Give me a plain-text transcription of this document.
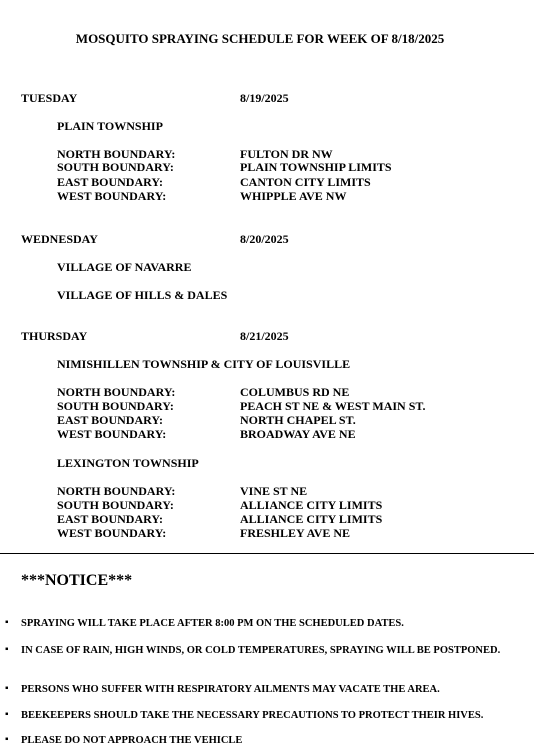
MOSQUITO SPRAYING SCHEDULE FOR WEEK OF 8/18/2025
TUESDAY	8/19/2025
PLAIN TOWNSHIP
NORTH BOUNDARY:	FULTON DR NW
SOUTH BOUNDARY:	PLAIN TOWNSHIP LIMITS
EAST BOUNDARY:	CANTON CITY LIMITS
WEST BOUNDARY:	WHIPPLE AVE NW
WEDNESDAY	8/20/2025
VILLAGE OF NAVARRE
VILLAGE OF HILLS & DALES
THURSDAY	8/21/2025
NIMISHILLEN TOWNSHIP & CITY OF LOUISVILLE
NORTH BOUNDARY:	COLUMBUS RD NE
SOUTH BOUNDARY:	PEACH ST NE & WEST MAIN ST.
EAST BOUNDARY:	NORTH CHAPEL ST.
WEST BOUNDARY:	BROADWAY AVE NE
LEXINGTON TOWNSHIP
NORTH BOUNDARY:	VINE ST NE
SOUTH BOUNDARY:	ALLIANCE CITY LIMITS
EAST BOUNDARY:	ALLIANCE CITY LIMITS
WEST BOUNDARY:	FRESHLEY AVE NE
***NOTICE***
▪ SPRAYING WILL TAKE PLACE AFTER 8:00 PM ON THE SCHEDULED DATES.
▪ IN CASE OF RAIN, HIGH WINDS, OR COLD TEMPERATURES, SPRAYING WILL BE POSTPONED.
▪ PERSONS WHO SUFFER WITH RESPIRATORY AILMENTS MAY VACATE THE AREA.
▪ BEEKEEPERS SHOULD TAKE THE NECESSARY PRECAUTIONS TO PROTECT THEIR HIVES.
▪ PLEASE DO NOT APPROACH THE VEHICLE
